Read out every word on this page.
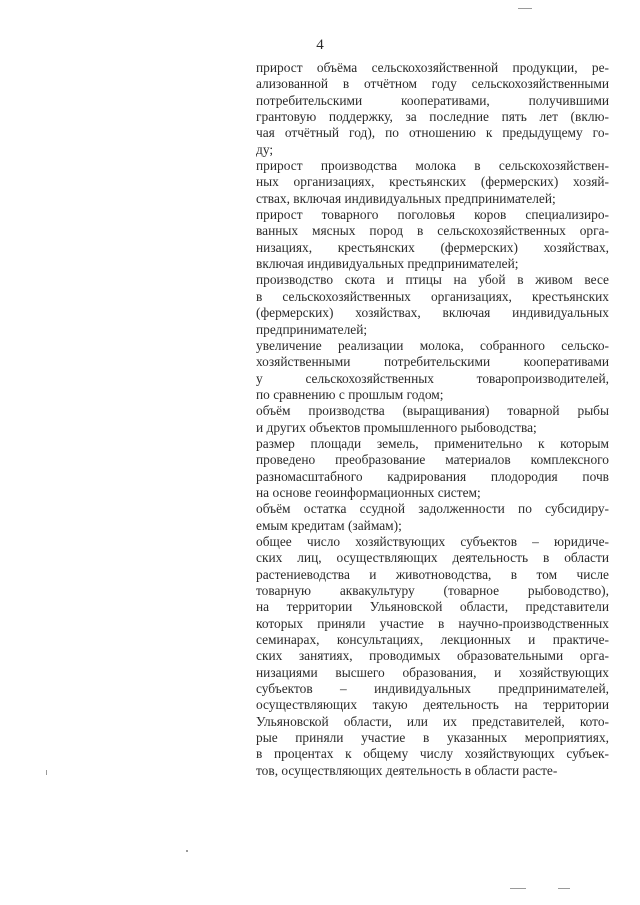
4

прирост объёма сельскохозяйственной продукции, ре-
ализованной в отчётном году сельскохозяйственными
потребительскими кооперативами, получившими
грантовую поддержку, за последние пять лет (вклю-
чая отчётный год), по отношению к предыдущему го-
ду;

прирост производства молока в сельскохозяйствен-
ных организациях, крестьянских (фермерских) хозяй-
ствах, включая индивидуальных предпринимателей;

прирост товарного поголовья коров специализиро-
ванных мясных пород в сельскохозяйственных орга-
низациях, крестьянских (фермерских) хозяйствах,
включая индивидуальных предпринимателей;

производство скота и птицы на убой в живом весе
в сельскохозяйственных организациях, крестьянских
(фермерских) хозяйствах, включая индивидуальных
предпринимателей;

увеличение реализации молока, собранного сельско-
хозяйственными потребительскими кооперативами
у сельскохозяйственных товаропроизводителей,
по сравнению с прошлым годом;

объём производства (выращивания) товарной рыбы
и других объектов промышленного рыбоводства;

размер площади земель, применительно к которым
проведено преобразование материалов комплексного
разномасштабного кадрирования плодородия почв
на основе геоинформационных систем;

объём остатка ссудной задолженности по субсидиру-
емым кредитам (займам);

общее число хозяйствующих субъектов – юридиче-
ских лиц, осуществляющих деятельность в области
растениеводства и животноводства, в том числе
товарную аквакультуру (товарное рыбоводство),
на территории Ульяновской области, представители
которых приняли участие в научно-производственных
семинарах, консультациях, лекционных и практиче-
ских занятиях, проводимых образовательными орга-
низациями высшего образования, и хозяйствующих
субъектов – индивидуальных предпринимателей,
осуществляющих такую деятельность на территории
Ульяновской области, или их представителей, кото-
рые приняли участие в указанных мероприятиях,
в процентах к общему числу хозяйствующих субъек-
тов, осуществляющих деятельность в области расте-
